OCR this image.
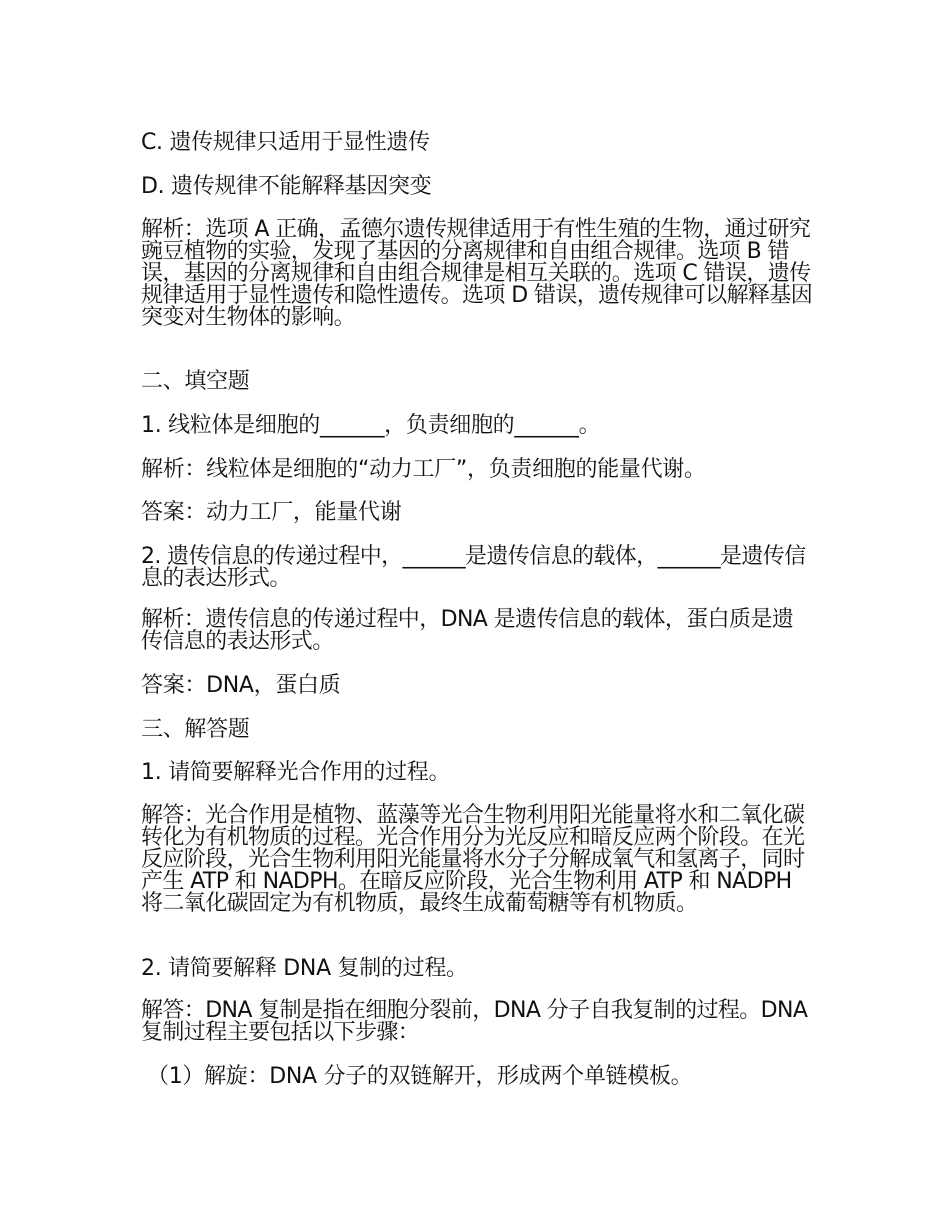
C. 遗传规律只适用于显性遗传

D. 遗传规律不能解释基因突变

解析：选项 A 正确，孟德尔遗传规律适用于有性生殖的生物，通过研究豌豆植物的实验，发现了基因的分离规律和自由组合规律。选项 B 错误，基因的分离规律和自由组合规律是相互关联的。选项 C 错误，遗传规律适用于显性遗传和隐性遗传。选项 D 错误，遗传规律可以解释基因突变对生物体的影响。

二、填空题

1. 线粒体是细胞的______，负责细胞的______。

解析：线粒体是细胞的“动力工厂”，负责细胞的能量代谢。

答案：动力工厂，能量代谢

2. 遗传信息的传递过程中，______是遗传信息的载体，______是遗传信息的表达形式。

解析：遗传信息的传递过程中，DNA 是遗传信息的载体，蛋白质是遗传信息的表达形式。

答案：DNA，蛋白质

三、解答题

1. 请简要解释光合作用的过程。

解答：光合作用是植物、蓝藻等光合生物利用阳光能量将水和二氧化碳转化为有机物质的过程。光合作用分为光反应和暗反应两个阶段。在光反应阶段，光合生物利用阳光能量将水分子分解成氧气和氢离子，同时产生 ATP 和 NADPH。在暗反应阶段，光合生物利用 ATP 和 NADPH 将二氧化碳固定为有机物质，最终生成葡萄糖等有机物质。

2. 请简要解释 DNA 复制的过程。

解答：DNA 复制是指在细胞分裂前，DNA 分子自我复制的过程。DNA 复制过程主要包括以下步骤：

（1）解旋：DNA 分子的双链解开，形成两个单链模板。
